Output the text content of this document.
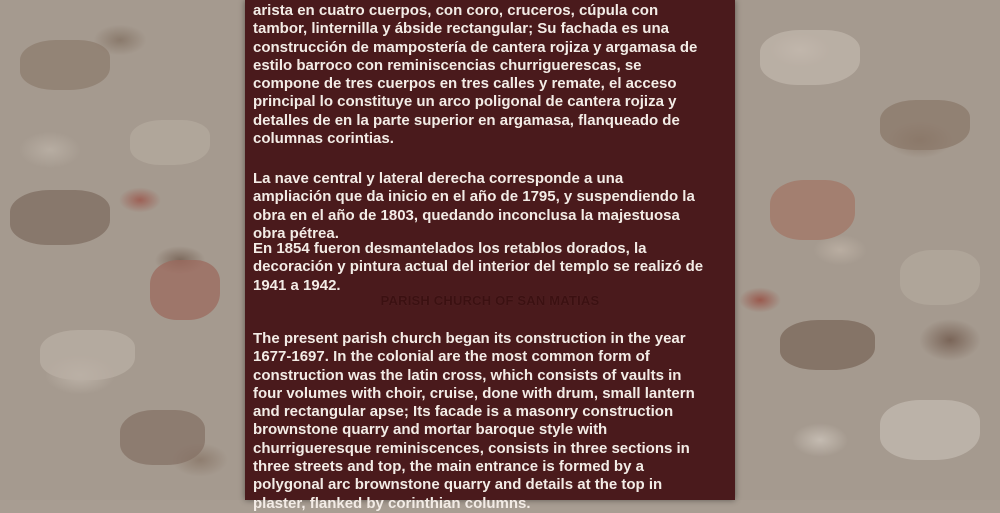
arista en cuatro cuerpos, con coro, cruceros, cúpula con
tambor, linternilla y ábside rectangular; Su fachada es una
construcción de mampostería de cantera rojiza y argamasa de
estilo barroco con reminiscencias churriguerescas, se
compone de tres cuerpos en tres calles y remate, el acceso
principal lo constituye un arco poligonal de cantera rojiza y
detalles de en la parte superior en argamasa, flanqueado de
columnas corintias.

La nave central y lateral derecha corresponde a una
ampliación que da inicio en el año de 1795, y suspendiendo la
obra en el año de 1803, quedando inconclusa la majestuosa
obra pétrea.

En 1854 fueron desmantelados los retablos dorados, la
decoración y pintura actual del interior del templo se realizó de
1941 a 1942.

PARISH CHURCH OF SAN MATIAS

The present parish church began its construction in the year
1677-1697. In the colonial are the most common form of
construction was the latin cross, which consists of vaults in
four volumes with choir, cruise, done with drum, small lantern
and rectangular apse; Its facade is a masonry construction
brownstone quarry and mortar baroque style with
churrigueresque reminiscences, consists in three sections in
three streets and top, the main entrance is formed by a
polygonal arc brownstone quarry and details at the top in
plaster, flanked by corinthian columns.
